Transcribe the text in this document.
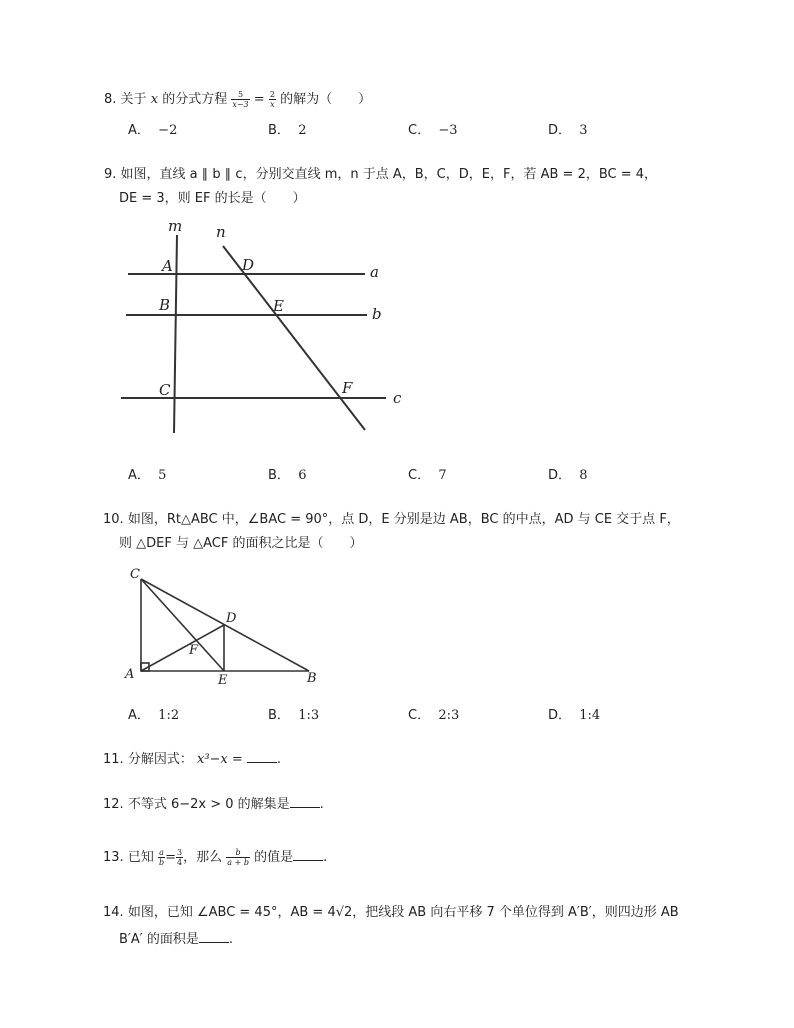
8. 关于 x 的分式方程 $\frac{5}{x-3} = \frac{2}{x}$ 的解为（　　）
A． −2	B． 2	C． −3	D． 3
9. 如图，直线 a ∥ b ∥ c，分别交直线 m，n 于点 A，B，C，D，E，F，若 AB = 2，BC = 4，
DE = 3，则 EF 的长是（　　）
m n
A	D	a
B	E	b
C	F
c
A． 5	B． 6	C． 7	D． 8
10. 如图，Rt△ABC 中，∠BAC = 90°，点 D，E 分别是边 AB，BC 的中点，AD 与 CE 交于点 F，
则 △DEF 与 △ACF 的面积之比是（　　）
C
D
F
A	E	B
A． 1:2	B． 1:3	C． 2:3	D． 1:4
11. 分解因式： x³−x =	.
12. 不等式 6−2x > 0 的解集是 .
13. 已知 $\frac{a}{b} = \frac{3}{4}$ ，那么 $\frac{b}{a + b}$ 的值是 .
14. 如图，已知 ∠ABC = 45°，AB = 4√2，把线段 AB 向右平移 7 个单位得到 A′B′，则四边形 AB
B′A′ 的面积是 .
